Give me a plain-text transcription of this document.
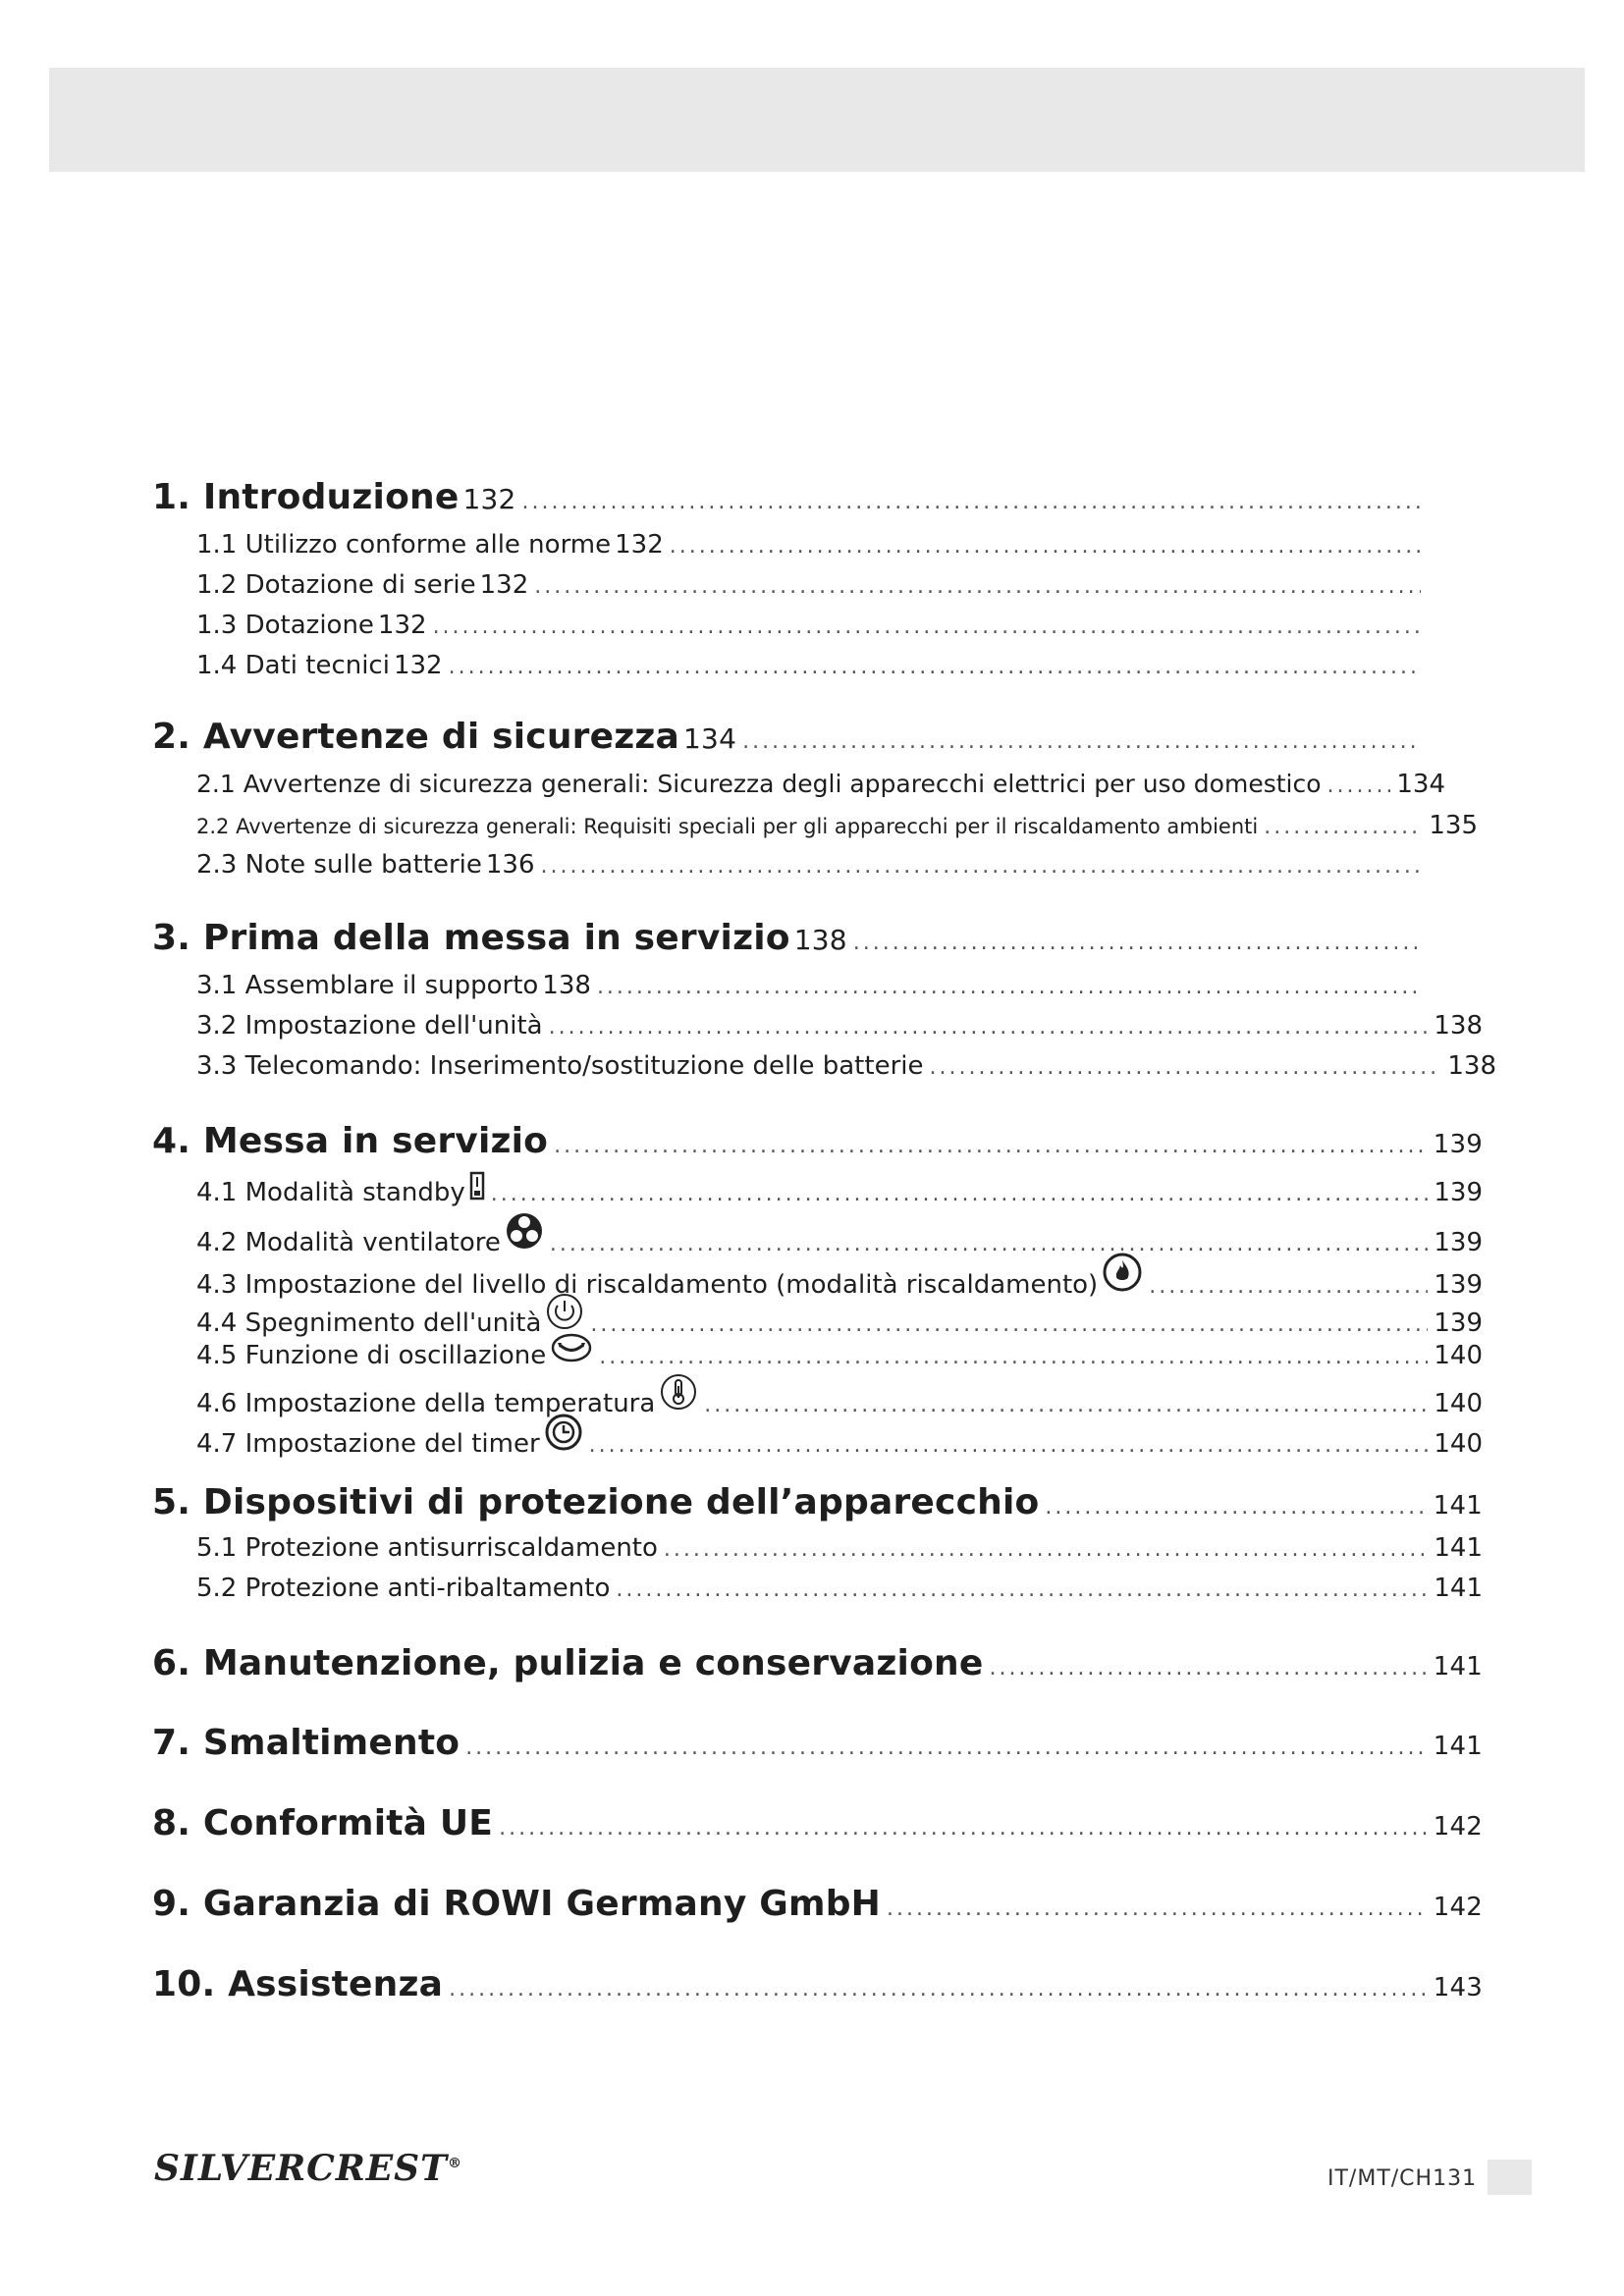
1. Introduzione 132
.....
1.1 Utilizzo conforme alle norme 132
.....
1.2 Dotazione di serie 132
.....
1.3 Dotazione 132
.....
1.4 Dati tecnici 132
.....
2. Avvertenze di sicurezza 134
.....
2.1 Avvertenze di sicurezza generali: Sicurezza degli apparecchi elettrici per uso domestico .....	134
2.2 Avvertenze di sicurezza generali: Requisiti speciali per gli apparecchi per il riscaldamento ambienti .....	135
2.3 Note sulle batterie 136
.....
3. Prima della messa in servizio 138
.....
3.1 Assemblare il supporto 138
.....
3.2 Impostazione dell'unità .....	138
3.3 Telecomando: Inserimento/sostituzione delle batterie .....	138
4. Messa in servizio .....	139
4.1 Modalità standby .....	139
4.2 Modalità ventilatore .....	139
4.3 Impostazione del livello di riscaldamento (modalità riscaldamento) .....	139
4.4 Spegnimento dell'unità .....	139
4.5 Funzione di oscillazione .....	140
4.6 Impostazione della temperatura .....	140
4.7 Impostazione del timer .....	140
5. Dispositivi di protezione dell’apparecchio .....	141
5.1 Protezione antisurriscaldamento .....	141
5.2 Protezione anti-ribaltamento .....	141
6. Manutenzione, pulizia e conservazione .....	141
7. Smaltimento .....	141
8. Conformità UE .....	142
9. Garanzia di ROWI Germany GmbH .....	142
10. Assistenza .....	143
SILVERCREST®
IT/MT/CH131
